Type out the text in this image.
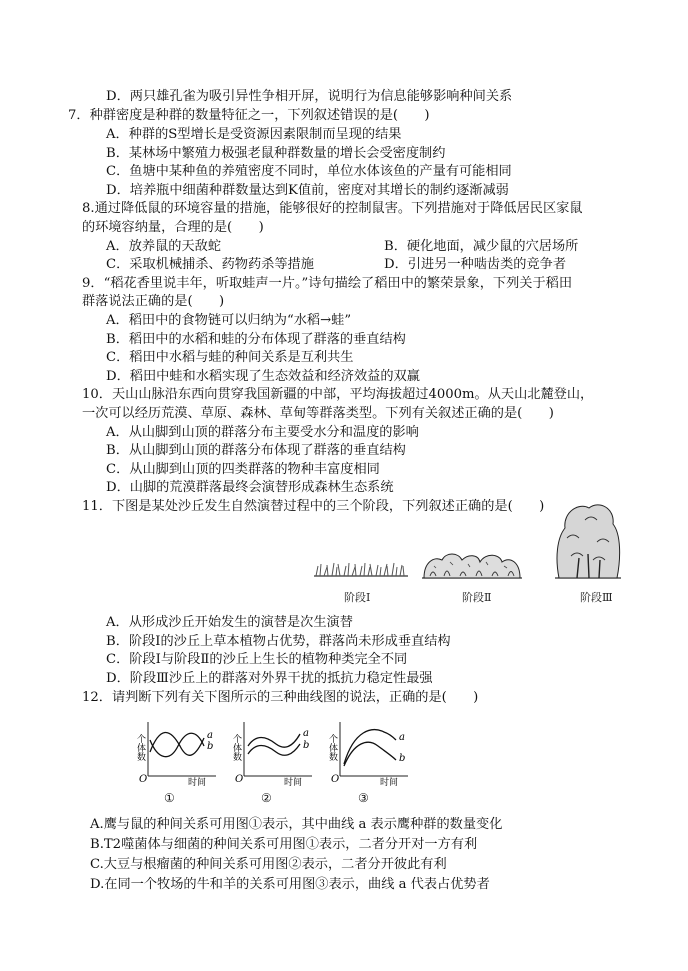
D．两只雄孔雀为吸引异性争相开屏，说明行为信息能够影响种间关系
7．种群密度是种群的数量特征之一，下列叙述错误的是(　　)
A．种群的S型增长是受资源因素限制而呈现的结果
B．某林场中繁殖力极强老鼠种群数量的增长会受密度制约
C．鱼塘中某种鱼的养殖密度不同时，单位水体该鱼的产量有可能相同
D．培养瓶中细菌种群数量达到K值前，密度对其增长的制约逐渐减弱
8.通过降低鼠的环境容量的措施，能够很好的控制鼠害。下列措施对于降低居民区家鼠
的环境容纳量，合理的是(　　)
A．放养鼠的天敌蛇	B．硬化地面，减少鼠的穴居场所
C．采取机械捕杀、药物药杀等措施	D．引进另一种啮齿类的竞争者
9．“稻花香里说丰年，听取蛙声一片。”诗句描绘了稻田中的繁荣景象，下列关于稻田
群落说法正确的是(　　)
A．稻田中的食物链可以归纳为“水稻→蛙”
B．稻田中的水稻和蛙的分布体现了群落的垂直结构
C．稻田中水稻与蛙的种间关系是互利共生
D．稻田中蛙和水稻实现了生态效益和经济效益的双赢
10．天山山脉沿东西向贯穿我国新疆的中部，平均海拔超过4000m。从天山北麓登山，
一次可以经历荒漠、草原、森林、草甸等群落类型。下列有关叙述正确的是(　　)
A．从山脚到山顶的群落分布主要受水分和温度的影响
B．从山脚到山顶的群落分布体现了群落的垂直结构
C．从山脚到山顶的四类群落的物种丰富度相同
D．山脚的荒漠群落最终会演替形成森林生态系统
11．下图是某处沙丘发生自然演替过程中的三个阶段，下列叙述正确的是(　　)
阶段Ⅰ	阶段Ⅱ	阶段Ⅲ
A．从形成沙丘开始发生的演替是次生演替
B．阶段Ⅰ的沙丘上草本植物占优势，群落尚未形成垂直结构
C．阶段Ⅰ与阶段Ⅱ的沙丘上生长的植物种类完全不同
D．阶段Ⅲ沙丘上的群落对外界干扰的抵抗力稳定性最强
12．请判断下列有关下图所示的三种曲线图的说法，正确的是(　　)
个体数	a
b
O	时间
①
个体数
a
b
O	时间
②
个体数	a
b
O	时间
③
A.鹰与鼠的种间关系可用图①表示，其中曲线 a 表示鹰种群的数量变化
B.T2噬菌体与细菌的种间关系可用图①表示，二者分开对一方有利
C.大豆与根瘤菌的种间关系可用图②表示，二者分开彼此有利
D.在同一个牧场的牛和羊的关系可用图③表示，曲线 a 代表占优势者
